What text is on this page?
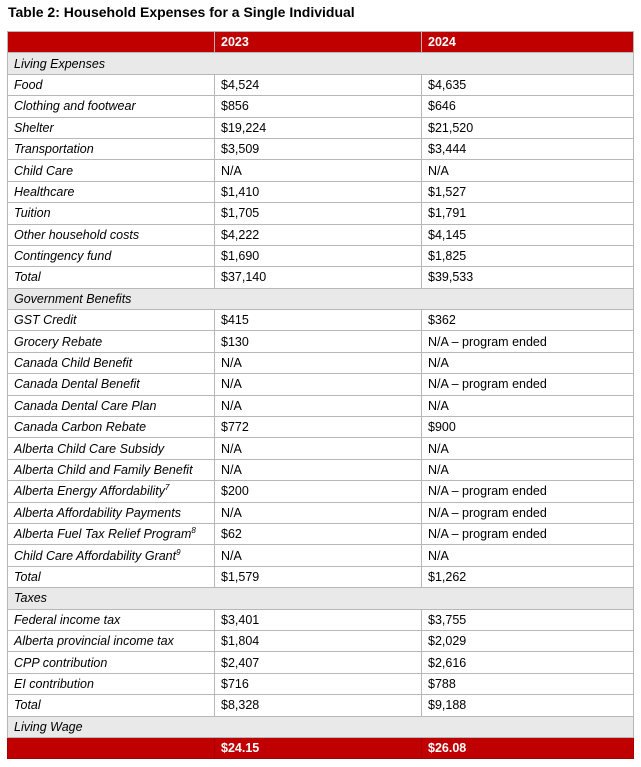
Table 2: Household Expenses for a Single Individual
	2023	2024
Living Expenses		
Food	$4,524	$4,635
Clothing and footwear	$856	$646
Shelter	$19,224	$21,520
Transportation	$3,509	$3,444
Child Care	N/A	N/A
Healthcare	$1,410	$1,527
Tuition	$1,705	$1,791
Other household costs	$4,222	$4,145
Contingency fund	$1,690	$1,825
Total	$37,140	$39,533
Government Benefits		
GST Credit	$415	$362
Grocery Rebate	$130	N/A – program ended
Canada Child Benefit	N/A	N/A
Canada Dental Benefit	N/A	N/A – program ended
Canada Dental Care Plan	N/A	N/A
Canada Carbon Rebate	$772	$900
Alberta Child Care Subsidy	N/A	N/A
Alberta Child and Family Benefit	N/A	N/A
Alberta Energy Affordability$^7$	$200	N/A – program ended
Alberta Affordability Payments	N/A	N/A – program ended
Alberta Fuel Tax Relief Program$^8$	$62	N/A – program ended
Child Care Affordability Grant$^9$	N/A	N/A
Total	$1,579	$1,262
Taxes		
Federal income tax	$3,401	$3,755
Alberta provincial income tax	$1,804	$2,029
CPP contribution	$2,407	$2,616
EI contribution	$716	$788
Total	$8,328	$9,188
Living Wage		
	$24.15	$26.08
